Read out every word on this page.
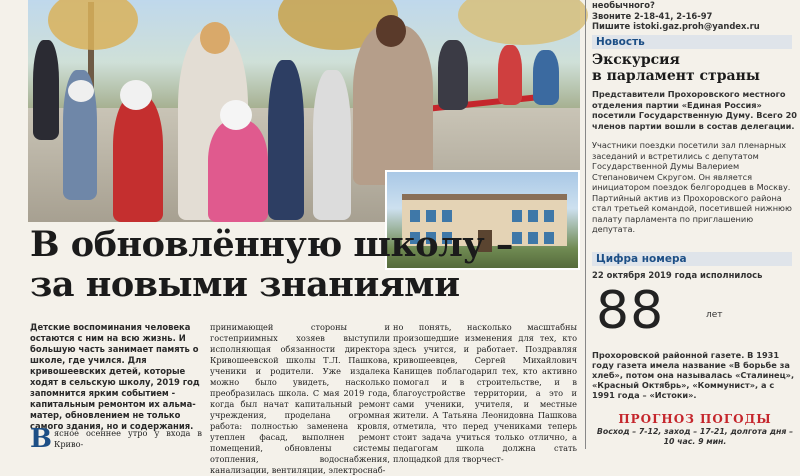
В обновлённую школу –
за новыми знаниями

Детские воспоминания человека остаются с ним на всю жизнь. И большую часть занимает память о школе, где учился. Для кривошеевских детей, которые ходят в сельскую школу, 2019 год запомнится ярким событием - капитальным ремонтом их альма-матер, обновлением не только самого здания, но и содержания.

В ясное осеннее утро у входа в Криво-

принимающей стороны и гостеприимных хозяев выступили исполняющая обязанности директора Кривошеевской школы Т.Л. Пашкова, ученики и родители. Уже издалека можно было увидеть, насколько преобразилась школа. С мая 2019 года, когда был начат капитальный ремонт учреждения, проделана огромная работа: полностью заменена кровля, утеплен фасад, выполнен ремонт помещений, обновлены системы отопления, водоснабжения, канализации, вентиляции, электроснаб-

но понять, насколько масштабны произошедшие изменения для тех, кто здесь учится, и работает. Поздравляя кривошеевцев, Сергей Михайлович Канищев поблагодарил тех, кто активно помогал и в строительстве, и в благоустройстве территории, а это и сами ученики, учителя, и местные жители. А Татьяна Леонидовна Пашкова отметила, что перед учениками теперь стоит задача учиться только отлично, а педагогам школа должна стать площадкой для творчест-

необычного?
Звоните 2-18-41, 2-16-97
Пишите istoki.gaz.proh@yandex.ru
Новость
Экскурсия
в парламент страны

Представители Прохоровского местного отделения партии «Единая Россия» посетили Государственную Думу. Всего 20 членов партии вошли в состав делегации.

Участники поездки посетили зал пленарных заседаний и встретились с депутатом Государственной Думы Валерием Степановичем Скругом. Он является инициатором поездок белгородцев в Москву. Партийный актив из Прохоровского района стал третьей командой, посетившей нижнюю палату парламента по приглашению депутата.

Цифра номера
22 октября 2019 года исполнилось
88	лет

Прохоровской районной газете. В 1931 году газета имела название «В борьбе за хлеб», потом она называлась «Сталинец», «Красный Октябрь», «Коммунист», а с 1991 года – «Истоки».

ПРОГНОЗ ПОГОДЫ
Восход – 7-12, заход – 17-21, долгота дня – 10 час. 9 мин.
